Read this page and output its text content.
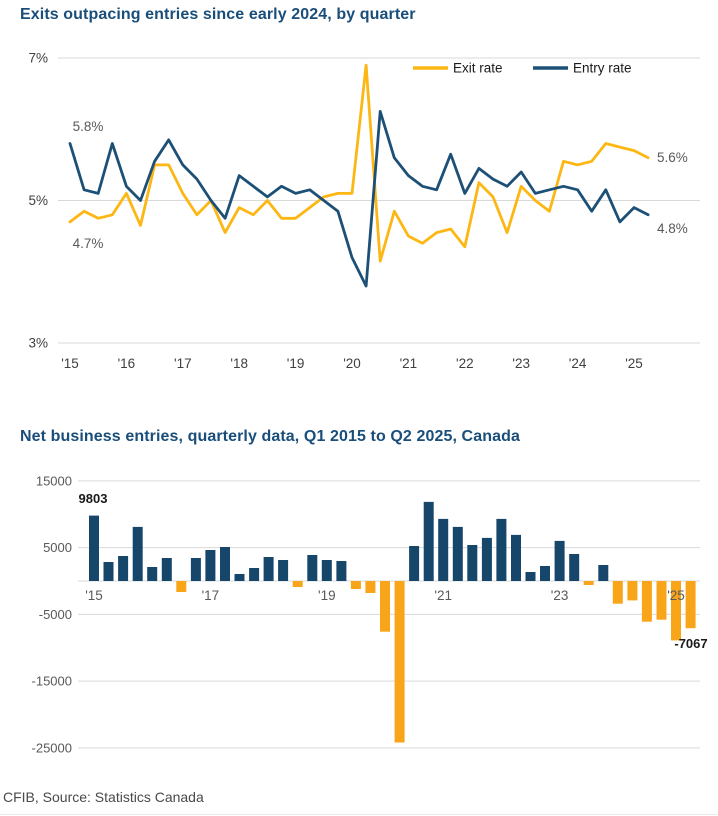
Exits outpacing entries since early 2024, by quarter
7%
5%
3%
'15	'16	'17	'18	'19	'20	'21	'22	'23	'24	'25
Exit rate	Entry rate
5.8%
4.7%
5.6%
4.8%
Net business entries, quarterly data, Q1 2015 to Q2 2025, Canada
15000
5000
-5000
-15000
-25000
'15	'17	'19	'21	'23	'25
9803
-7067
CFIB, Source: Statistics Canada
